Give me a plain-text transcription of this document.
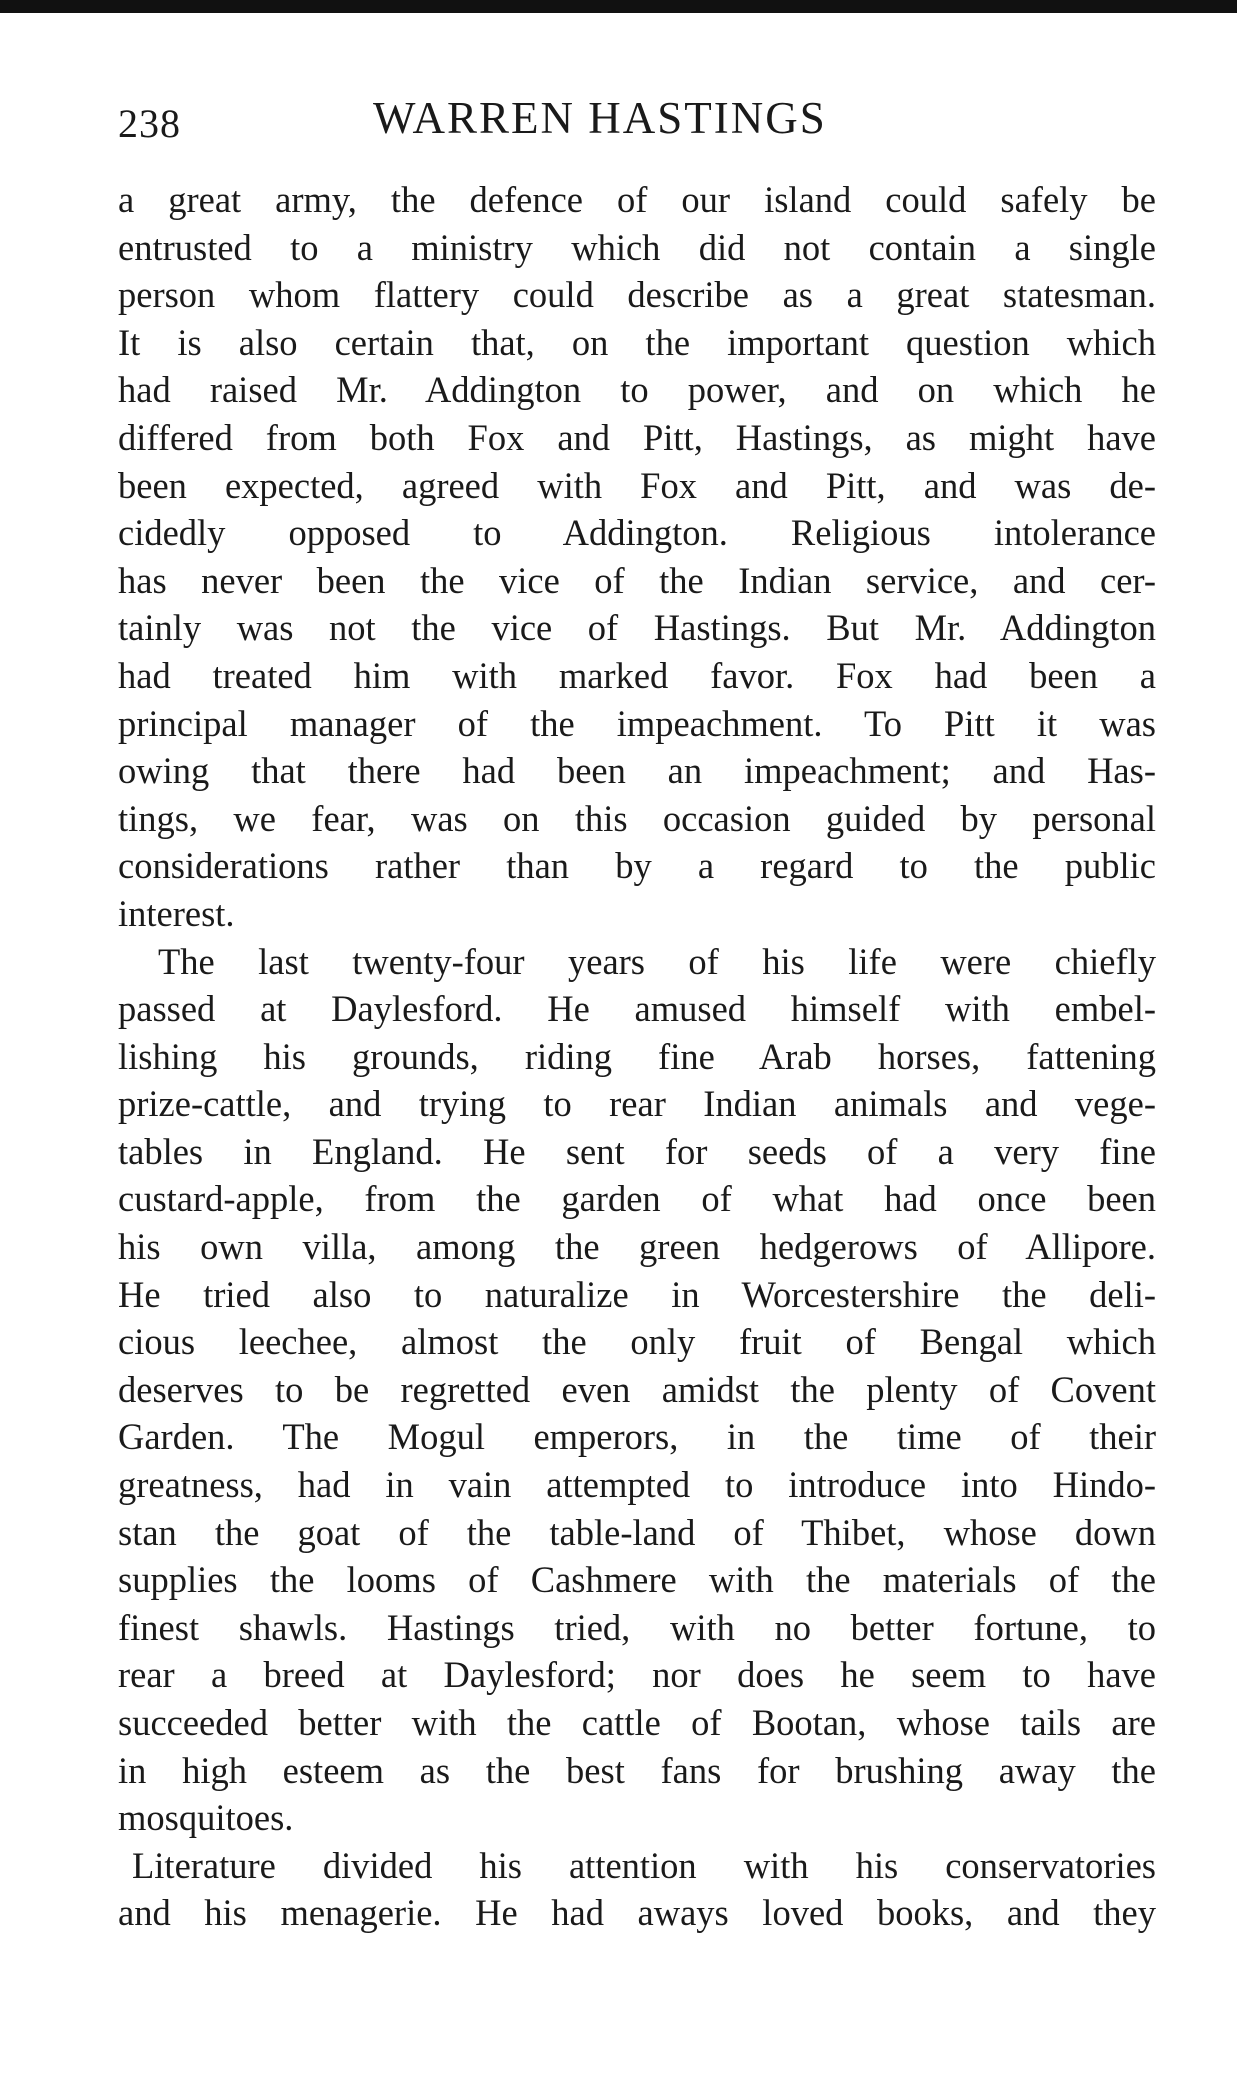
238	WARREN HASTINGS
a great army, the defence of our island could safely be
entrusted to a ministry which did not contain a single
person whom flattery could describe as a great statesman.
It is also certain that, on the important question which
had raised Mr. Addington to power, and on which he
differed from both Fox and Pitt, Hastings, as might have
been expected, agreed with Fox and Pitt, and was de-
cidedly opposed to Addington. Religious intolerance
has never been the vice of the Indian service, and cer-
tainly was not the vice of Hastings. But Mr. Addington
had treated him with marked favor. Fox had been a
principal manager of the impeachment. To Pitt it was
owing that there had been an impeachment; and Has-
tings, we fear, was on this occasion guided by personal
considerations rather than by a regard to the public
interest.
The last twenty-four years of his life were chiefly
passed at Daylesford. He amused himself with embel-
lishing his grounds, riding fine Arab horses, fattening
prize-cattle, and trying to rear Indian animals and vege-
tables in England. He sent for seeds of a very fine
custard-apple, from the garden of what had once been
his own villa, among the green hedgerows of Allipore.
He tried also to naturalize in Worcestershire the deli-
cious leechee, almost the only fruit of Bengal which
deserves to be regretted even amidst the plenty of Covent
Garden. The Mogul emperors, in the time of their
greatness, had in vain attempted to introduce into Hindo-
stan the goat of the table-land of Thibet, whose down
supplies the looms of Cashmere with the materials of the
finest shawls. Hastings tried, with no better fortune, to
rear a breed at Daylesford; nor does he seem to have
succeeded better with the cattle of Bootan, whose tails are
in high esteem as the best fans for brushing away the
mosquitoes.
Literature divided his attention with his conservatories
and his menagerie. He had aways loved books, and they
